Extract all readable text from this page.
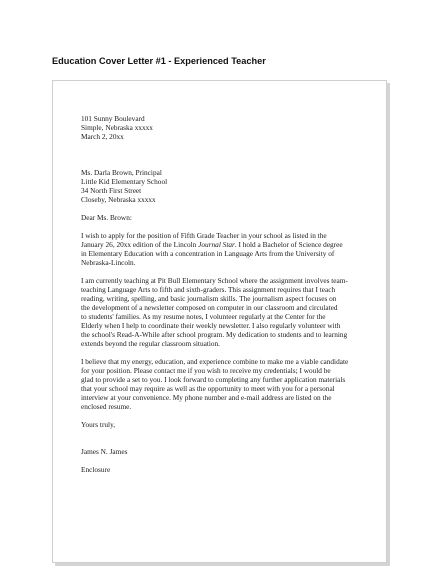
Education Cover Letter #1 - Experienced Teacher
101 Sunny Boulevard
Simple, Nebraska xxxxx
March 2, 20xx
Ms. Darla Brown, Principal
Little Kid Elementary School
34 North First Street
Closeby, Nebraska xxxxx
Dear Ms. Brown:
I wish to apply for the position of Fifth Grade Teacher in your school as listed in the
January 26, 20xx edition of the Lincoln Journal Star. I hold a Bachelor of Science degree
in Elementary Education with a concentration in Language Arts from the University of
Nebraska-Lincoln.
I am currently teaching at Pit Bull Elementary School where the assignment involves team-
teaching Language Arts to fifth and sixth-graders. This assignment requires that I teach
reading, writing, spelling, and basic journalism skills. The journalism aspect focuses on
the development of a newsletter composed on computer in our classroom and circulated
to students' families. As my resume notes, I volunteer regularly at the Center for the
Elderly when I help to coordinate their weekly newsletter. I also regularly volunteer with
the school's Read-A-While after school program. My dedication to students and to learning
extends beyond the regular classroom situation.
I believe that my energy, education, and experience combine to make me a viable candidate
for your position. Please contact me if you wish to receive my credentials; I would be
glad to provide a set to you. I look forward to completing any further application materials
that your school may require as well as the opportunity to meet with you for a personal
interview at your convenience. My phone number and e-mail address are listed on the
enclosed resume.
Yours truly,
James N. James
Enclosure
